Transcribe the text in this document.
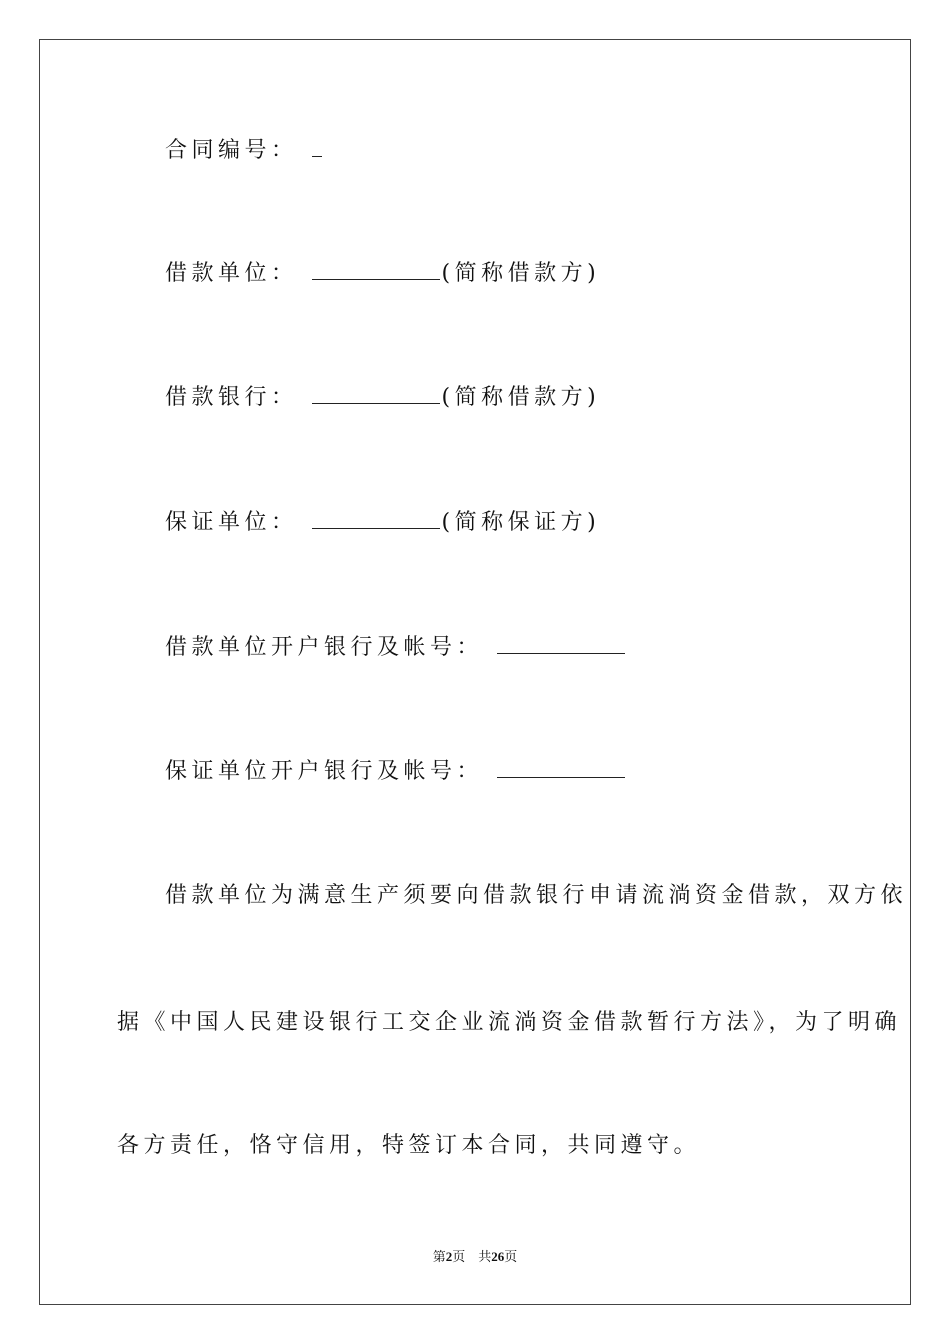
合同编号：
借款单位：	(简称借款方)
借款银行：	(简称借款方)
保证单位：	(简称保证方)
借款单位开户银行及帐号：
保证单位开户银行及帐号：
借款单位为满意生产须要向借款银行申请流淌资金借款，双方依
据《中国人民建设银行工交企业流淌资金借款暂行方法》，为了明确
各方责任，恪守信用，特签订本合同，共同遵守。
第2页 共26页
